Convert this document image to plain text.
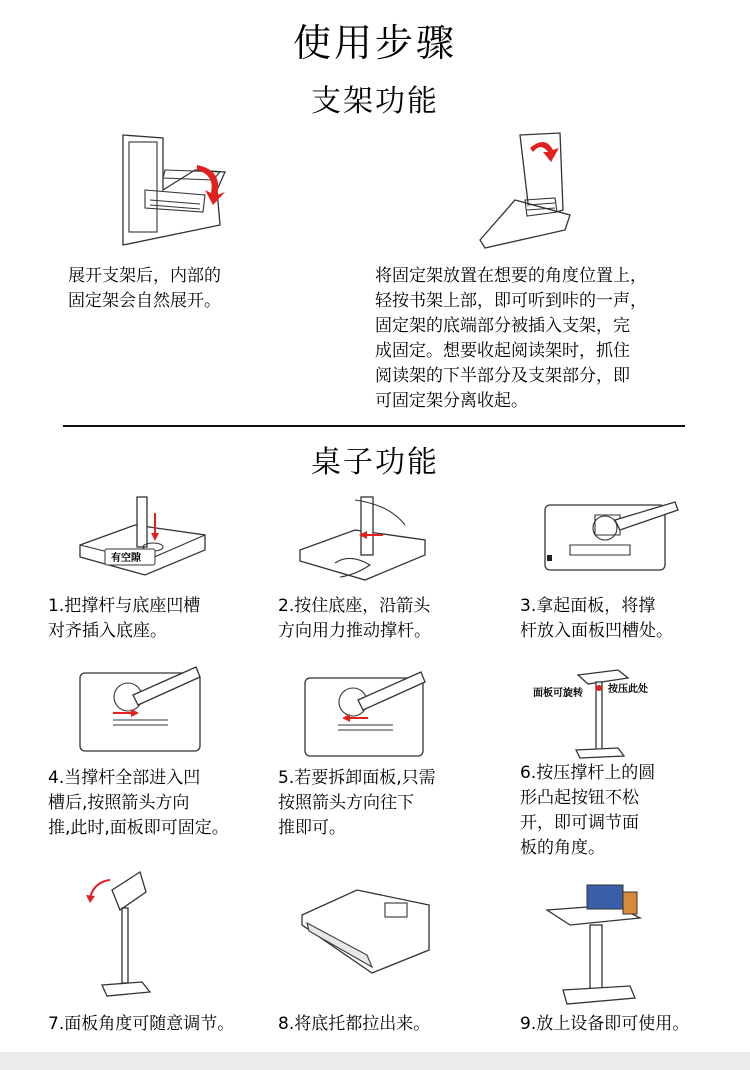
使用步骤
支架功能
展开支架后，内部的
固定架会自然展开。
将固定架放置在想要的角度位置上，
轻按书架上部，即可听到咔的一声，
固定架的底端部分被插入支架，完
成固定。想要收起阅读架时，抓住
阅读架的下半部分及支架部分，即
可固定架分离收起。
桌子功能
有空隙
1.把撑杆与底座凹槽
对齐插入底座。
2.按住底座，沿箭头
方向用力推动撑杆。
3.拿起面板，将撑
杆放入面板凹槽处。
面板可旋转	按压此处
4.当撑杆全部进入凹
槽后,按照箭头方向
推,此时,面板即可固定。
5.若要拆卸面板,只需
按照箭头方向往下
推即可。
6.按压撑杆上的圆
形凸起按钮不松
开，即可调节面
板的角度。
7.面板角度可随意调节。	8.将底托都拉出来。	9.放上设备即可使用。
